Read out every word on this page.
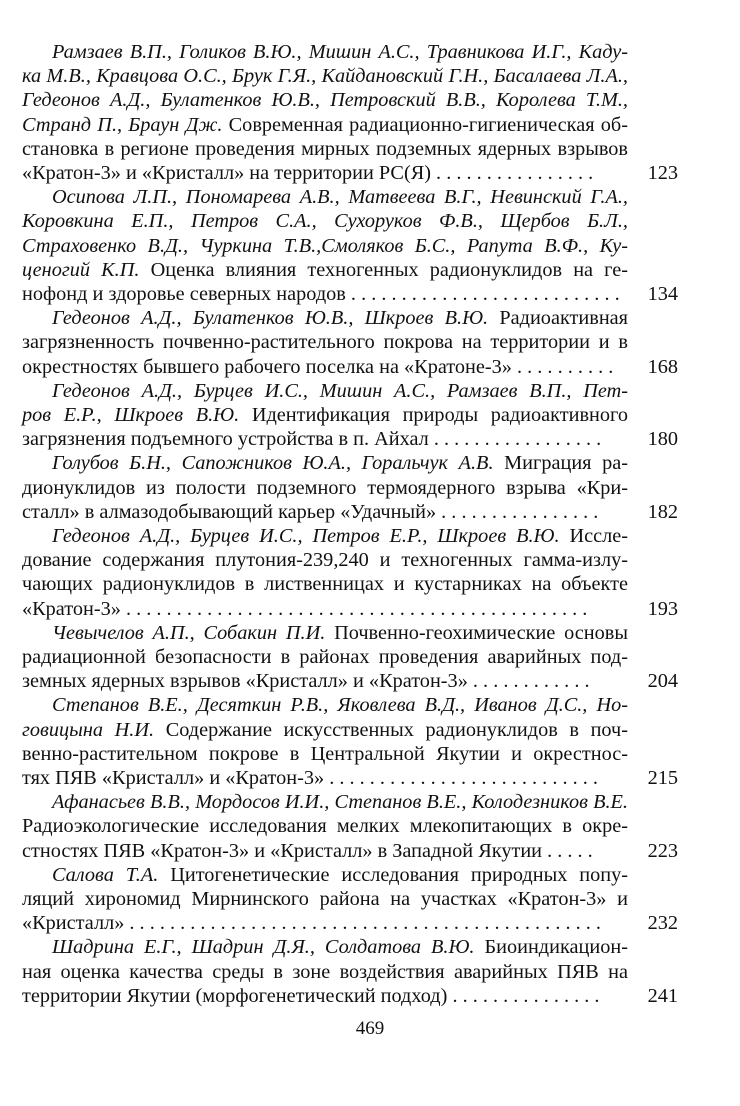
Рамзаев В.П., Голиков В.Ю., Мишин А.С., Травникова И.Г., Каду-
ка М.В., Кравцова О.С., Брук Г.Я., Кайдановский Г.Н., Басалаева Л.А.,
Гедеонов А.Д., Булатенков Ю.В., Петровский В.В., Королева Т.М.,
Странд П., Браун Дж. Современная радиационно-гигиеническая об-
становка в регионе проведения мирных подземных ядерных взрывов
«Кратон-3» и «Кристалл» на территории РС(Я) . . . . . . . . . . . . . . . .	123
Осипова Л.П., Пономарева А.В., Матвеева В.Г., Невинский Г.А.,
Коровкина Е.П., Петров С.А., Сухоруков Ф.В., Щербов Б.Л.,
Страховенко В.Д., Чуркина Т.В.,Смоляков Б.С., Рапута В.Ф., Ку-
ценогий К.П. Оценка влияния техногенных радионуклидов на ге-
нофонд и здоровье северных народов . . . . . . . . . . . . . . . . . . . . . . . . . . .	134
Гедеонов А.Д., Булатенков Ю.В., Шкроев В.Ю. Радиоактивная
загрязненность почвенно-растительного покрова на территории и в
окрестностях бывшего рабочего поселка на «Кратоне-3» . . . . . . . . . .	168
Гедеонов А.Д., Бурцев И.С., Мишин А.С., Рамзаев В.П., Пет-
ров Е.Р., Шкроев В.Ю. Идентификация природы радиоактивного
загрязнения подъемного устройства в п. Айхал . . . . . . . . . . . . . . . . .	180
Голубов Б.Н., Сапожников Ю.А., Горальчук А.В. Миграция ра-
дионуклидов из полости подземного термоядерного взрыва «Кри-
сталл» в алмазодобывающий карьер «Удачный» . . . . . . . . . . . . . . . .	182
Гедеонов А.Д., Бурцев И.С., Петров Е.Р., Шкроев В.Ю. Иссле-
дование содержания плутония-239,240 и техногенных гамма-излу-
чающих радионуклидов в лиственницах и кустарниках на объекте
«Кратон-3» . . . . . . . . . . . . . . . . . . . . . . . . . . . . . . . . . . . . . . . . . . . . . .	193
Чевычелов А.П., Собакин П.И. Почвенно-геохимические основы
радиационной безопасности в районах проведения аварийных под-
земных ядерных взрывов «Кристалл» и «Кратон-3» . . . . . . . . . . . .	204
Степанов В.Е., Десяткин Р.В., Яковлева В.Д., Иванов Д.С., Но-
говицына Н.И. Содержание искусственных радионуклидов в поч-
венно-растительном покрове в Центральной Якутии и окрестнос-
тях ПЯВ «Кристалл» и «Кратон-3» . . . . . . . . . . . . . . . . . . . . . . . . . . .	215
Афанасьев В.В., Мордосов И.И., Степанов В.Е., Колодезников В.Е.
Радиоэкологические исследования мелких млекопитающих в окре-
стностях ПЯВ «Кратон-3» и «Кристалл» в Западной Якутии . . . . .	223
Салова Т.А. Цитогенетические исследования природных попу-
ляций хирономид Мирнинского района на участках «Кратон-3» и
«Кристалл» . . . . . . . . . . . . . . . . . . . . . . . . . . . . . . . . . . . . . . . . . . . . . . .	232
Шадрина Е.Г., Шадрин Д.Я., Солдатова В.Ю. Биоиндикацион-
ная оценка качества среды в зоне воздействия аварийных ПЯВ на
территории Якутии (морфогенетический подход) . . . . . . . . . . . . . . .	241
469
